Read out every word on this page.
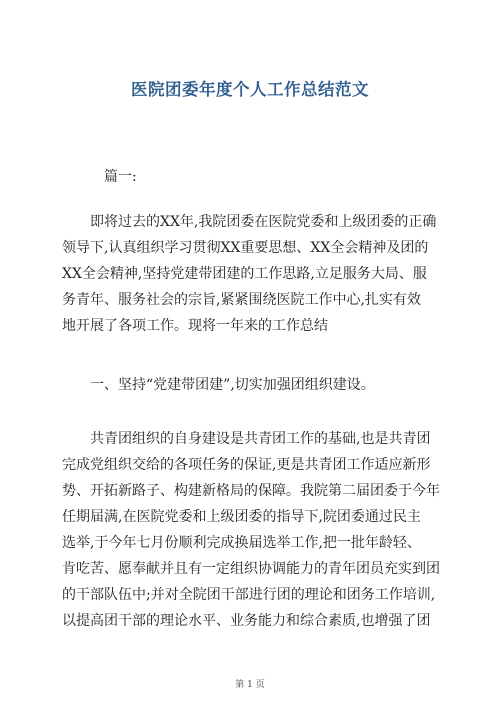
医院团委年度个人工作总结范文
篇一:
　　即将过去的XX年,我院团委在医院党委和上级团委的正确
领导下,认真组织学习贯彻XX重要思想、XX全会精神及团的
XX全会精神,坚持党建带团建的工作思路,立足服务大局、服
务青年、服务社会的宗旨,紧紧围绕医院工作中心,扎实有效
地开展了各项工作。现将一年来的工作总结
　　一、坚持“党建带团建”,切实加强团组织建设。
　　共青团组织的自身建设是共青团工作的基础,也是共青团
完成党组织交给的各项任务的保证,更是共青团工作适应新形
势、开拓新路子、构建新格局的保障。我院第二届团委于今年
任期届满,在医院党委和上级团委的指导下,院团委通过民主
选举,于今年七月份顺利完成换届选举工作,把一批年龄轻、
肯吃苦、愿奉献并且有一定组织协调能力的青年团员充实到团
的干部队伍中;并对全院团干部进行团的理论和团务工作培训,
以提高团干部的理论水平、业务能力和综合素质,也增强了团
第 1 页
